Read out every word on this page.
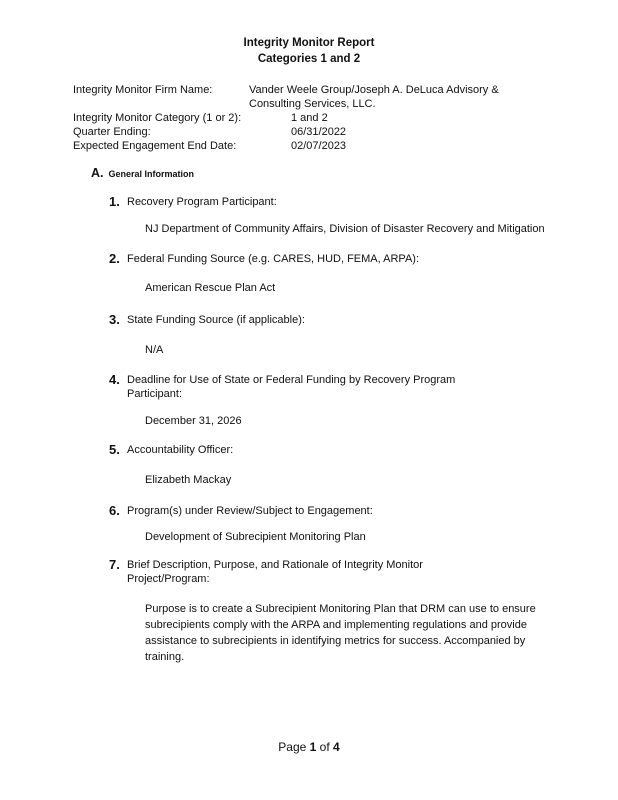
Integrity Monitor Report
Categories 1 and 2
Integrity Monitor Firm Name:	Vander Weele Group/Joseph A. DeLuca Advisory &
Consulting Services, LLC.
Integrity Monitor Category (1 or 2):	1 and 2
Quarter Ending:	06/31/2022
Expected Engagement End Date:	02/07/2023
A. General Information
1. Recovery Program Participant:
NJ Department of Community Affairs, Division of Disaster Recovery and Mitigation
2. Federal Funding Source (e.g. CARES, HUD, FEMA, ARPA):
American Rescue Plan Act
3. State Funding Source (if applicable):
N/A
4. Deadline for Use of State or Federal Funding by Recovery Program
Participant:
December 31, 2026
5. Accountability Officer:
Elizabeth Mackay
6. Program(s) under Review/Subject to Engagement:
Development of Subrecipient Monitoring Plan
7. Brief Description, Purpose, and Rationale of Integrity Monitor
Project/Program:
Purpose is to create a Subrecipient Monitoring Plan that DRM can use to ensure subrecipients comply with the ARPA and implementing regulations and provide assistance to subrecipients in identifying metrics for success. Accompanied by training.
Page 1 of 4
